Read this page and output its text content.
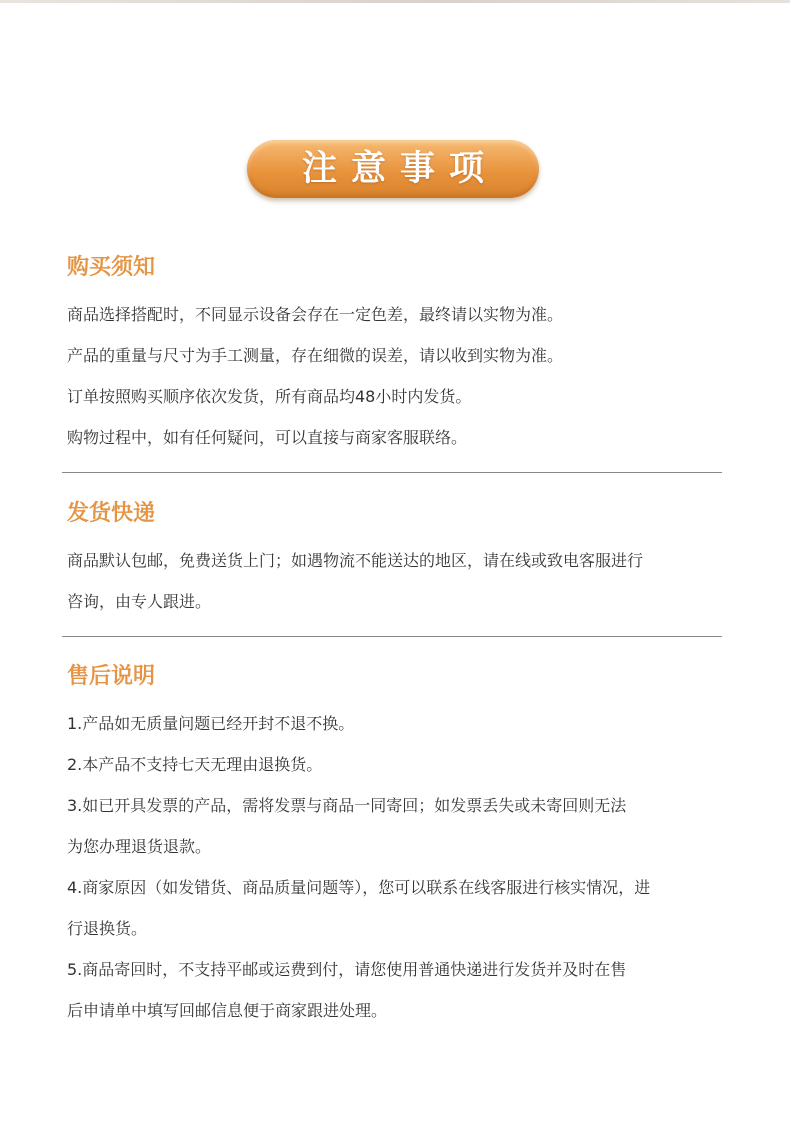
注意事项
购买须知
商品选择搭配时，不同显示设备会存在一定色差，最终请以实物为准。
产品的重量与尺寸为手工测量，存在细微的误差，请以收到实物为准。
订单按照购买顺序依次发货，所有商品均48小时内发货。
购物过程中，如有任何疑问，可以直接与商家客服联络。
发货快递
商品默认包邮，免费送货上门；如遇物流不能送达的地区，请在线或致电客服进行
咨询，由专人跟进。
售后说明
1.产品如无质量问题已经开封不退不换。
2.本产品不支持七天无理由退换货。
3.如已开具发票的产品，需将发票与商品一同寄回；如发票丢失或未寄回则无法
为您办理退货退款。
4.商家原因（如发错货、商品质量问题等），您可以联系在线客服进行核实情况，进
行退换货。
5.商品寄回时，不支持平邮或运费到付，请您使用普通快递进行发货并及时在售
后申请单中填写回邮信息便于商家跟进处理。
